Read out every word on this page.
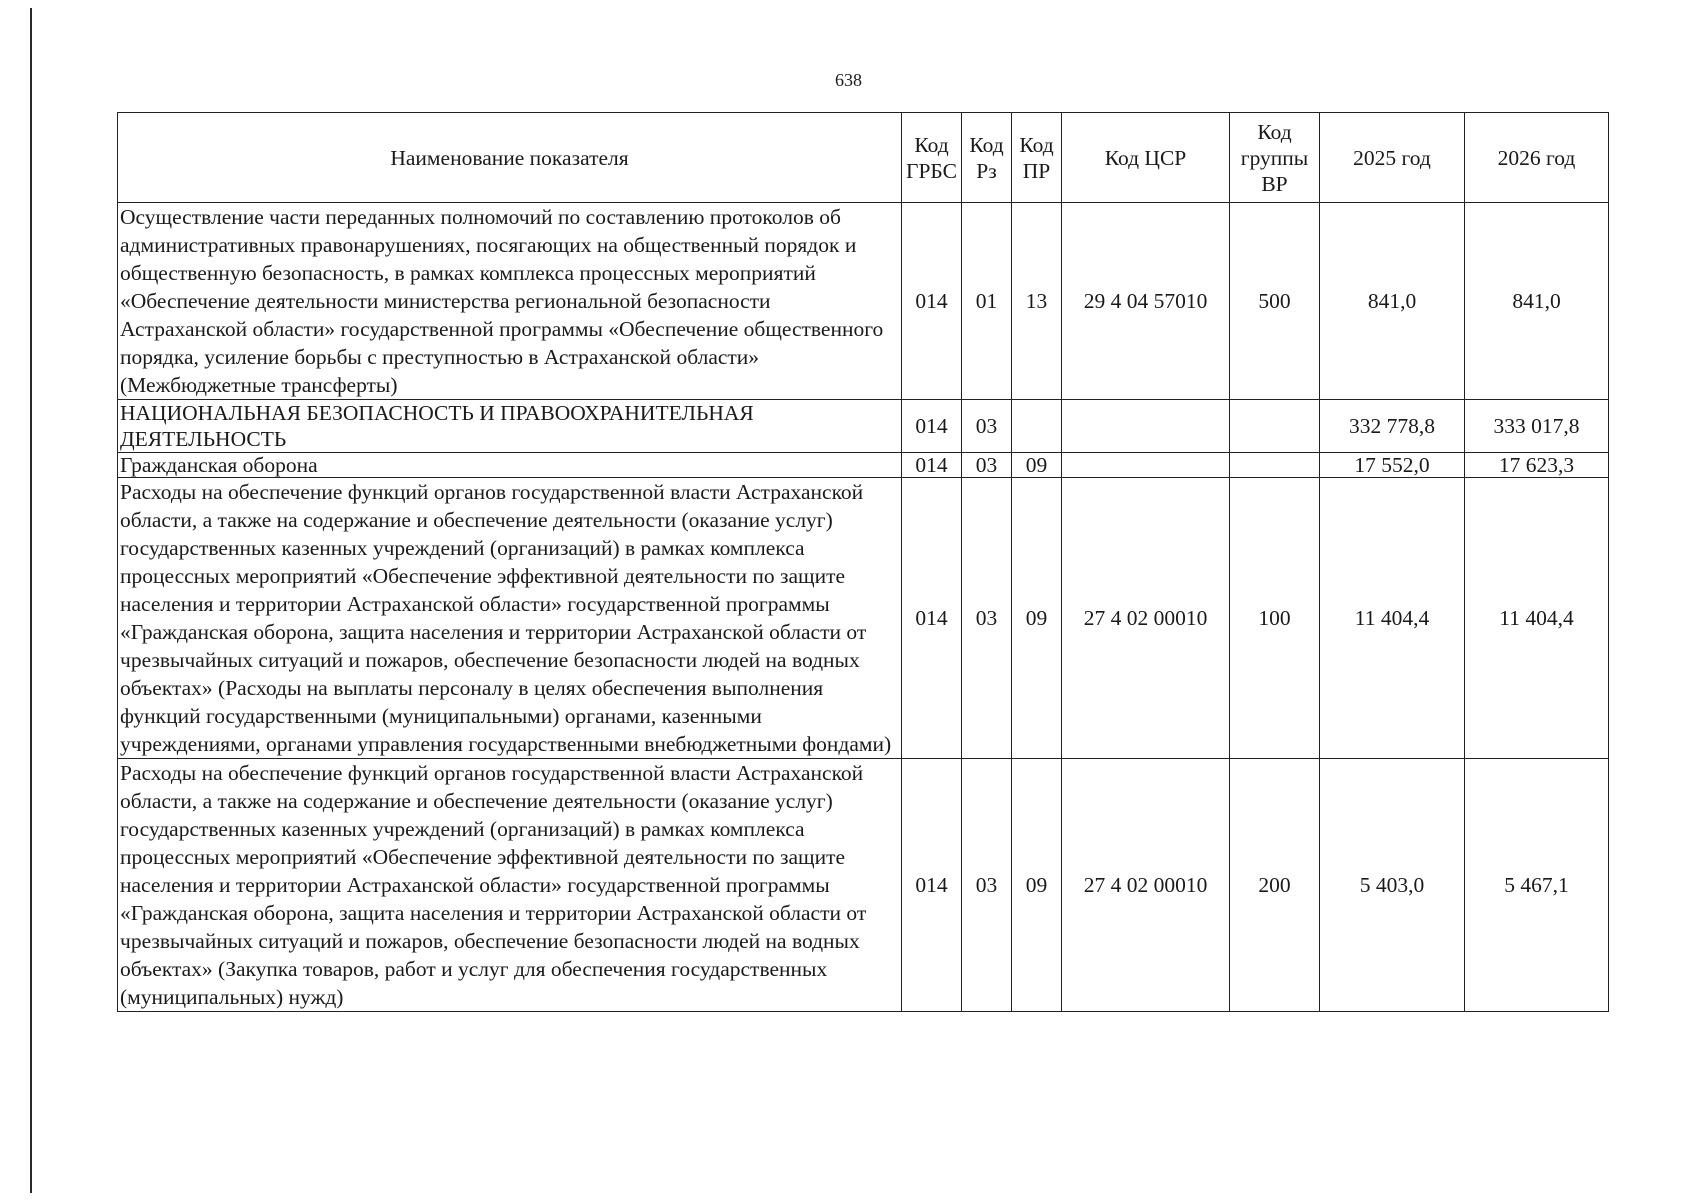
638
Наименование показателя	Код ГРБС	Код Рз	Код ПР	Код ЦСР	Код группы ВР	2025 год	2026 год
Осуществление части переданных полномочий по составлению протоколов об административных правонарушениях, посягающих на общественный порядок и общественную безопасность, в рамках комплекса процессных мероприятий «Обеспечение деятельности министерства региональной безопасности Астраханской области» государственной программы «Обеспечение общественного порядка, усиление борьбы с преступностью в Астраханской области» (Межбюджетные трансферты)	014	01	13	29 4 04 57010	500	841,0	841,0
НАЦИОНАЛЬНАЯ БЕЗОПАСНОСТЬ И ПРАВООХРАНИТЕЛЬНАЯ ДЕЯТЕЛЬНОСТЬ	014	03				332 778,8	333 017,8
Гражданская оборона	014	03	09			17 552,0	17 623,3
Расходы на обеспечение функций органов государственной власти Астраханской области, а также на содержание и обеспечение деятельности (оказание услуг) государственных казенных учреждений (организаций) в рамках комплекса процессных мероприятий «Обеспечение эффективной деятельности по защите населения и территории Астраханской области» государственной программы «Гражданская оборона, защита населения и территории Астраханской области от чрезвычайных ситуаций и пожаров, обеспечение безопасности людей на водных объектах» (Расходы на выплаты персоналу в целях обеспечения выполнения функций государственными (муниципальными) органами, казенными учреждениями, органами управления государственными внебюджетными фондами)	014	03	09	27 4 02 00010	100	11 404,4	11 404,4
Расходы на обеспечение функций органов государственной власти Астраханской области, а также на содержание и обеспечение деятельности (оказание услуг) государственных казенных учреждений (организаций) в рамках комплекса процессных мероприятий «Обеспечение эффективной деятельности по защите населения и территории Астраханской области» государственной программы «Гражданская оборона, защита населения и территории Астраханской области от чрезвычайных ситуаций и пожаров, обеспечение безопасности людей на водных объектах» (Закупка товаров, работ и услуг для обеспечения государственных (муниципальных) нужд)	014	03	09	27 4 02 00010	200	5 403,0	5 467,1
